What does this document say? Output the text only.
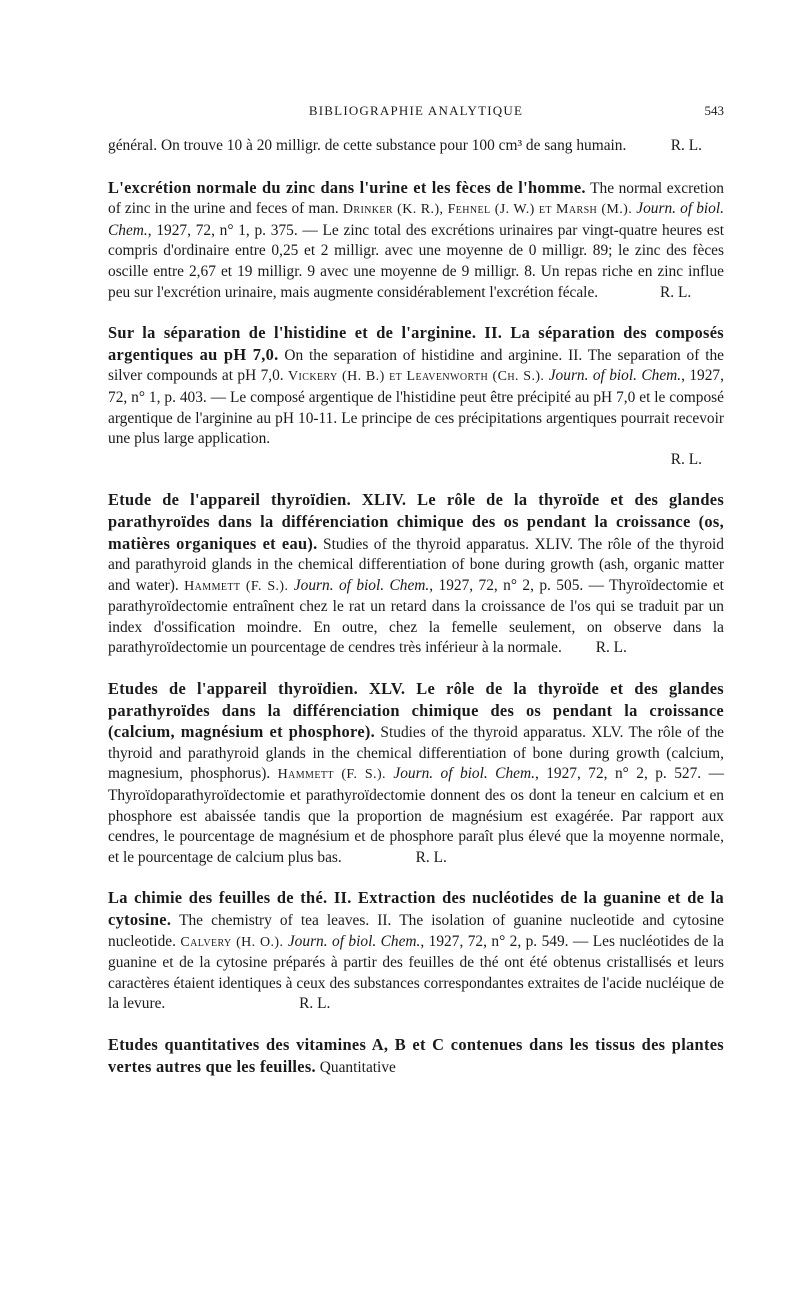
BIBLIOGRAPHIE ANALYTIQUE	543

général. On trouve 10 à 20 milligr. de cette substance pour 100 cm³ de sang humain.	R. L.

L'excrétion normale du zinc dans l'urine et les fèces de l'homme. The normal excretion of zinc in the urine and feces of man. Drinker (K. R.), Fehnel (J. W.) et Marsh (M.). Journ. of biol. Chem., 1927, 72, n° 1, p. 375. — Le zinc total des excrétions urinaires par vingt-quatre heures est compris d'ordinaire entre 0,25 et 2 milligr. avec une moyenne de 0 milligr. 89; le zinc des fèces oscille entre 2,67 et 19 milligr. 9 avec une moyenne de 9 milligr. 8. Un repas riche en zinc influe peu sur l'excrétion urinaire, mais augmente considérablement l'excrétion fécale.	R. L.

Sur la séparation de l'histidine et de l'arginine. II. La séparation des composés argentiques au pH 7,0. On the separation of histidine and arginine. II. The separation of the silver compounds at pH 7,0. Vickery (H. B.) et Leavenworth (Ch. S.). Journ. of biol. Chem., 1927, 72, n° 1, p. 403. — Le composé argentique de l'histidine peut être précipité au pH 7,0 et le composé argentique de l'arginine au pH 10-11. Le principe de ces précipitations argentiques pourrait recevoir une plus large application.

R. L.

Etude de l'appareil thyroïdien. XLIV. Le rôle de la thyroïde et des glandes parathyroïdes dans la différenciation chimique des os pendant la croissance (os, matières organiques et eau). Studies of the thyroid apparatus. XLIV. The rôle of the thyroid and parathyroid glands in the chemical differentiation of bone during growth (ash, organic matter and water). Hammett (F. S.). Journ. of biol. Chem., 1927, 72, n° 2, p. 505. — Thyroïdectomie et parathyroïdectomie entraînent chez le rat un retard dans la croissance de l'os qui se traduit par un index d'ossification moindre. En outre, chez la femelle seulement, on observe dans la parathyroïdectomie un pourcentage de cendres très inférieur à la normale. R. L.

Etudes de l'appareil thyroïdien. XLV. Le rôle de la thyroïde et des glandes parathyroïdes dans la différenciation chimique des os pendant la croissance (calcium, magnésium et phosphore). Studies of the thyroid apparatus. XLV. The rôle of the thyroid and parathyroid glands in the chemical differentiation of bone during growth (calcium, magnesium, phosphorus). Hammett (F. S.). Journ. of biol. Chem., 1927, 72, n° 2, p. 527. — Thyroïdoparathyroïdectomie et parathyroïdectomie donnent des os dont la teneur en calcium et en phosphore est abaissée tandis que la proportion de magnésium est exagérée. Par rapport aux cendres, le pourcentage de magnésium et de phosphore paraît plus élevé que la moyenne normale, et le pourcentage de calcium plus bas.	R. L.

La chimie des feuilles de thé. II. Extraction des nucléotides de la guanine et de la cytosine. The chemistry of tea leaves. II. The isolation of guanine nucleotide and cytosine nucleotide. Calvery (H. O.). Journ. of biol. Chem., 1927, 72, n° 2, p. 549. — Les nucléotides de la guanine et de la cytosine préparés à partir des feuilles de thé ont été obtenus cristallisés et leurs caractères étaient identiques à ceux des substances correspondantes extraites de l'acide nucléique de la levure.	R. L.

Etudes quantitatives des vitamines A, B et C contenues dans les tissus des plantes vertes autres que les feuilles. Quantitative
